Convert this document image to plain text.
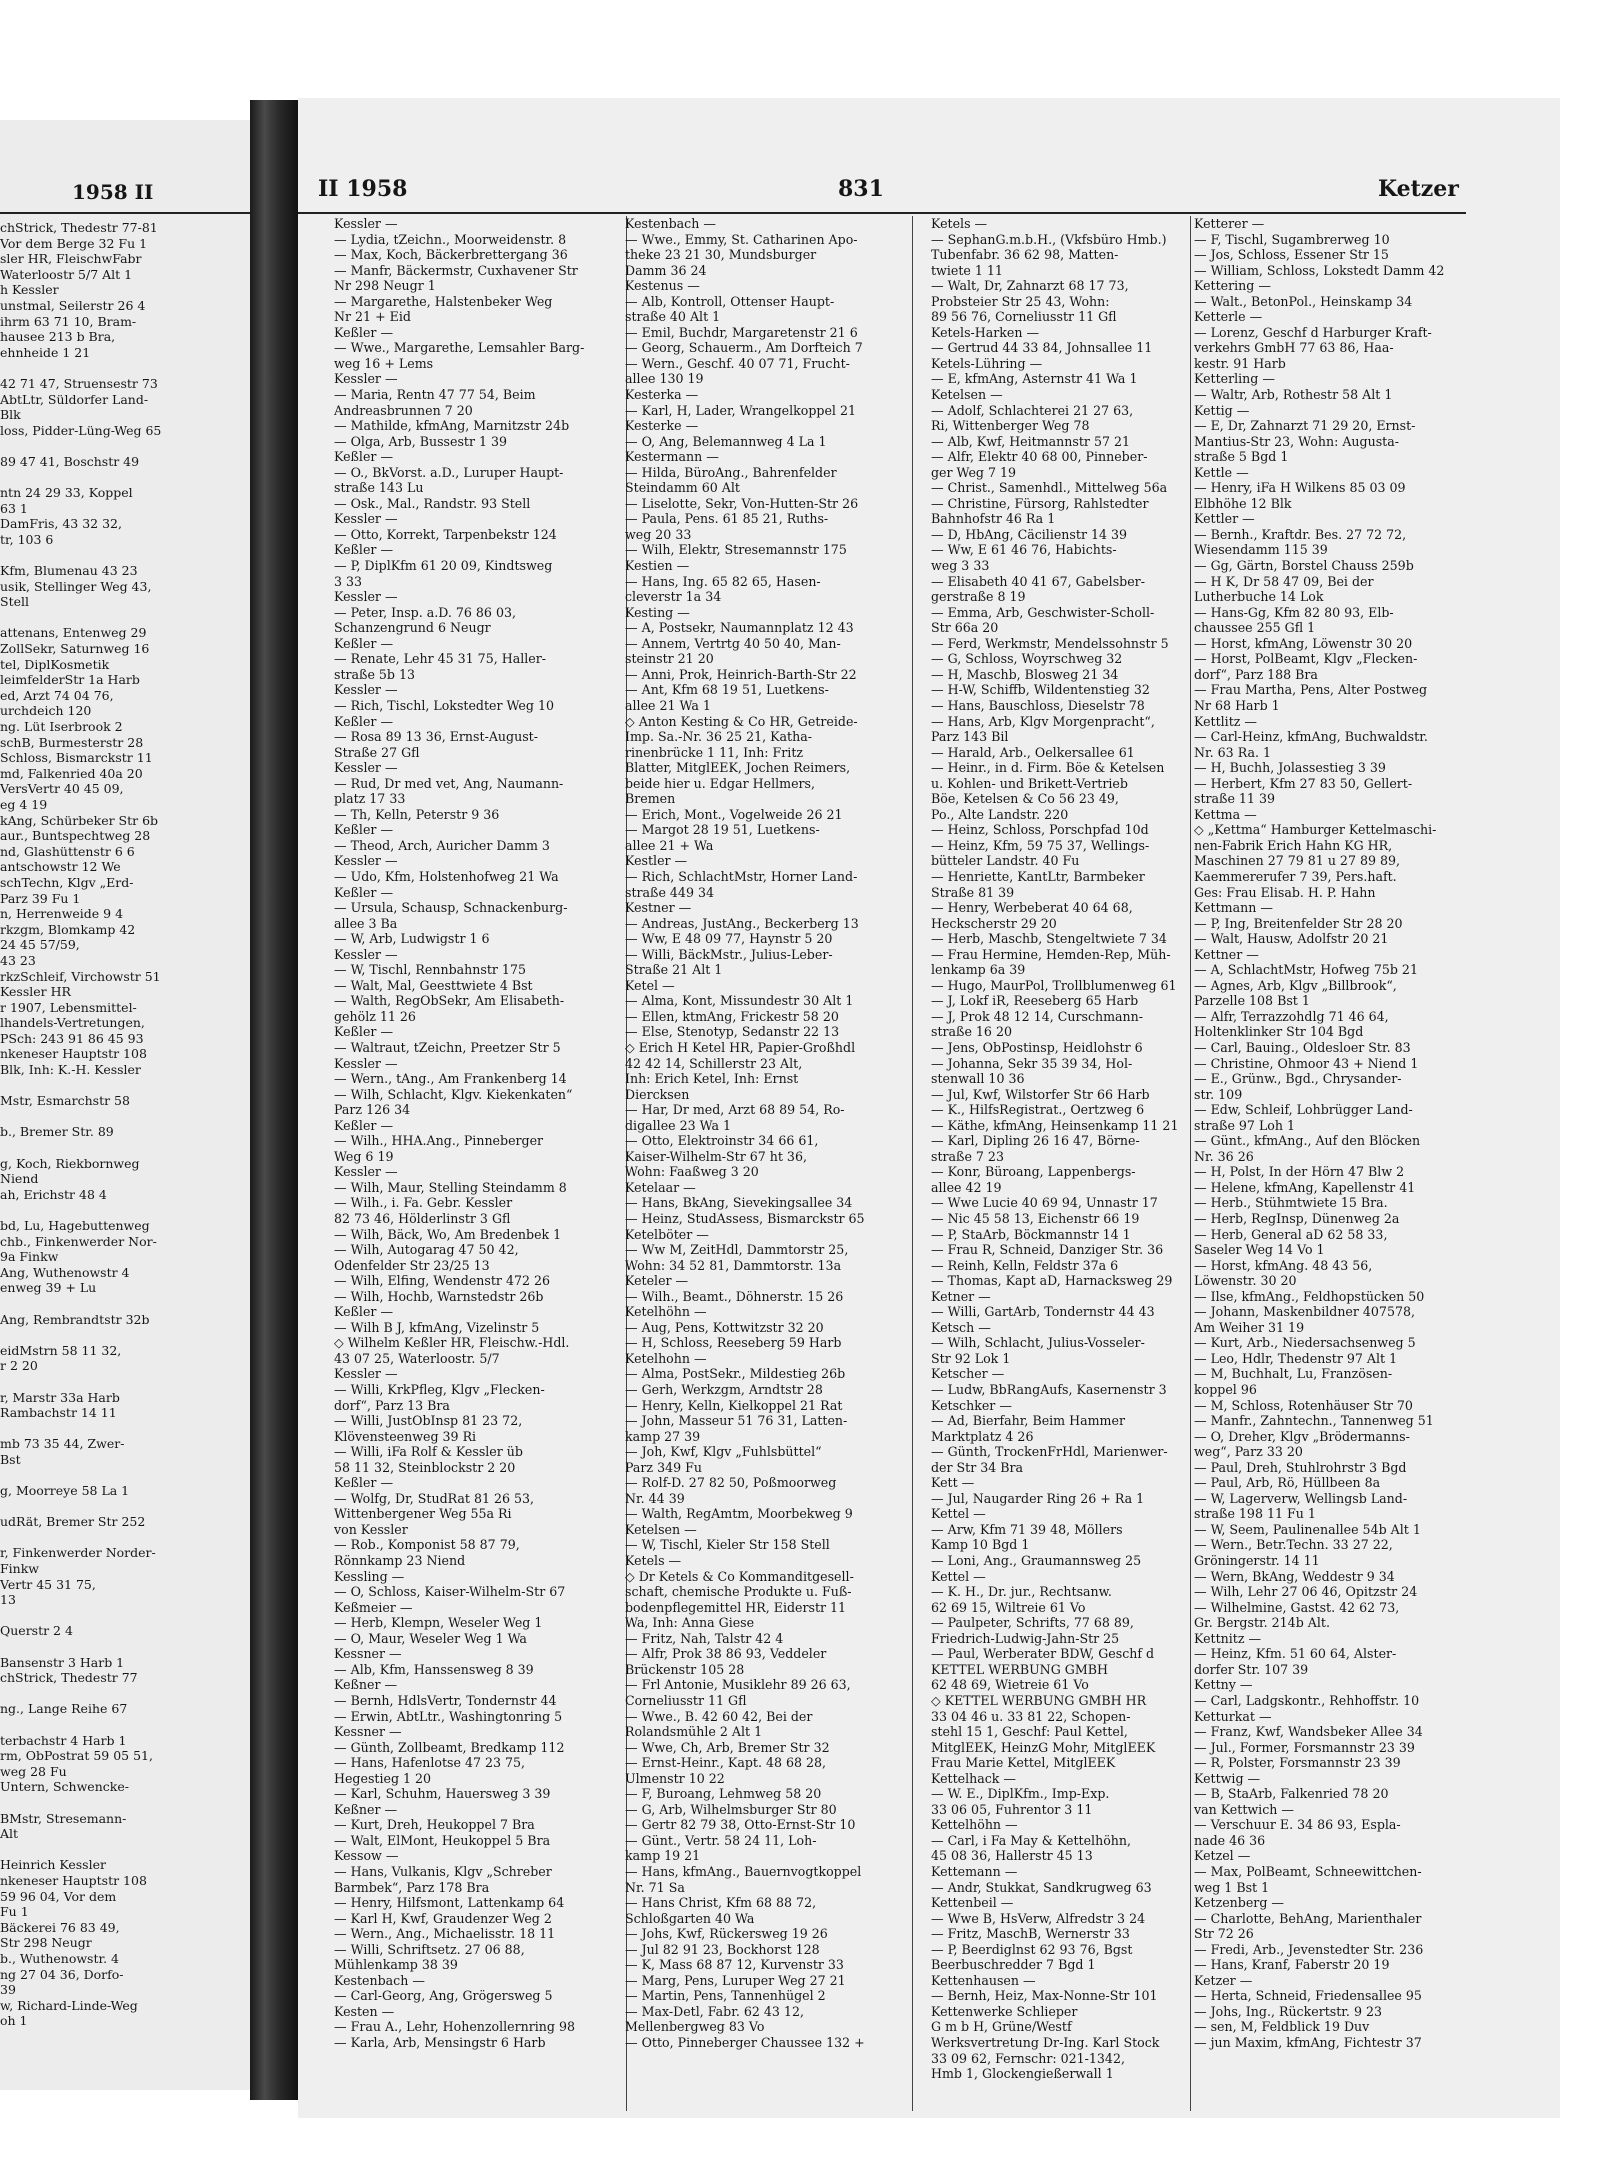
1958 II
chStrick, Thedestr 77-81
Vor dem Berge 32 Fu 1
sler HR, FleischwFabr
Waterloostr 5/7 Alt 1
h Kessler
unstmal, Seilerstr 26 4
ihrm 63 71 10, Bram-
hausee 213 b Bra,
ehnheide 1 21

42 71 47, Struensestr 73
AbtLtr, Süldorfer Land-
Blk
loss, Pidder-Lüng-Weg 65

89 47 41, Boschstr 49

ntn 24 29 33, Koppel
63 1
DamFris, 43 32 32,
tr, 103 6

Kfm, Blumenau 43 23
usik, Stellinger Weg 43,
Stell

attenans, Entenweg 29
ZollSekr, Saturnweg 16
tel, DiplKosmetik
leimfelderStr 1a Harb
ed, Arzt 74 04 76,
urchdeich 120
ng. Lüt Iserbrook 2
schB, Burmesterstr 28
Schloss, Bismarckstr 11
md, Falkenried 40a 20
VersVertr 40 45 09,
eg 4 19
kAng, Schürbeker Str 6b
aur., Buntspechtweg 28
nd, Glashüttenstr 6 6
antschowstr 12 We
schTechn, Klgv „Erd-
Parz 39 Fu 1
n, Herrenweide 9 4
rkzgm, Blomkamp 42
24 45 57/59,
43 23
rkzSchleif, Virchowstr 51
Kessler HR
r 1907, Lebensmittel-
lhandels-Vertretungen,
PSch: 243 91 86 45 93
nkeneser Hauptstr 108
Blk, Inh: K.-H. Kessler

Mstr, Esmarchstr 58

b., Bremer Str. 89

g, Koch, Riekbornweg
Niend
ah, Erichstr 48 4

bd, Lu, Hagebuttenweg
chb., Finkenwerder Nor-
9a Finkw
Ang, Wuthenowstr 4
enweg 39 + Lu

Ang, Rembrandtstr 32b

eidMstrn 58 11 32,
r 2 20

r, Marstr 33a Harb
Rambachstr 14 11

mb 73 35 44, Zwer-
Bst

g, Moorreye 58 La 1

udRät, Bremer Str 252

r, Finkenwerder Norder-
Finkw
Vertr 45 31 75,
13

Querstr 2 4

Bansenstr 3 Harb 1
chStrick, Thedestr 77

ng., Lange Reihe 67

terbachstr 4 Harb 1
rm, ObPostrat 59 05 51,
weg 28 Fu
Untern, Schwencke-

BMstr, Stresemann-
Alt

Heinrich Kessler
nkeneser Hauptstr 108
59 96 04, Vor dem
Fu 1
Bäckerei 76 83 49,
Str 298 Neugr
b., Wuthenowstr. 4
ng 27 04 36, Dorfo-
39
w, Richard-Linde-Weg
oh 1
II 1958	831	Ketzer
Kessler —
— Lydia, tZeichn., Moorweidenstr. 8
— Max, Koch, Bäckerbrettergang 36
— Manfr, Bäckermstr, Cuxhavener Str
Nr 298 Neugr 1
— Margarethe, Halstenbeker Weg
Nr 21 + Eid
Keßler —
— Wwe., Margarethe, Lemsahler Barg-
weg 16 + Lems
Kessler —
— Maria, Rentn 47 77 54, Beim
Andreasbrunnen 7 20
— Mathilde, kfmAng, Marnitzstr 24b
— Olga, Arb, Bussestr 1 39
Keßler —
— O., BkVorst. a.D., Luruper Haupt-
straße 143 Lu
— Osk., Mal., Randstr. 93 Stell
Kessler —
— Otto, Korrekt, Tarpenbekstr 124
Keßler —
— P, DiplKfm 61 20 09, Kindtsweg
3 33
Kessler —
— Peter, Insp. a.D. 76 86 03,
Schanzengrund 6 Neugr
Keßler —
— Renate, Lehr 45 31 75, Haller-
straße 5b 13
Kessler —
— Rich, Tischl, Lokstedter Weg 10
Keßler —
— Rosa 89 13 36, Ernst-August-
Straße 27 Gfl
Kessler —
— Rud, Dr med vet, Ang, Naumann-
platz 17 33
— Th, Kelln, Peterstr 9 36
Keßler —
— Theod, Arch, Auricher Damm 3
Kessler —
— Udo, Kfm, Holstenhofweg 21 Wa
Keßler —
— Ursula, Schausp, Schnackenburg-
allee 3 Ba
— W, Arb, Ludwigstr 1 6
Kessler —
— W, Tischl, Rennbahnstr 175
— Walt, Mal, Geesttwiete 4 Bst
— Walth, RegObSekr, Am Elisabeth-
gehölz 11 26
Keßler —
— Waltraut, tZeichn, Preetzer Str 5
Kessler —
— Wern., tAng., Am Frankenberg 14
— Wilh, Schlacht, Klgv. Kiekenkaten“
Parz 126 34
Keßler —
— Wilh., HHA.Ang., Pinneberger
Weg 6 19
Kessler —
— Wilh, Maur, Stelling Steindamm 8
— Wilh., i. Fa. Gebr. Kessler
82 73 46, Hölderlinstr 3 Gfl
— Wilh, Bäck, Wo, Am Bredenbek 1
— Wilh, Autogarag 47 50 42,
Odenfelder Str 23/25 13
— Wilh, Elfing, Wendenstr 472 26
— Wilh, Hochb, Warnstedstr 26b
Keßler —
— Wilh B J, kfmAng, Vizelinstr 5
◇ Wilhelm Keßler HR, Fleischw.-Hdl.
43 07 25, Waterloostr. 5/7
Kessler —
— Willi, KrkPfleg, Klgv „Flecken-
dorf“, Parz 13 Bra
— Willi, JustObInsp 81 23 72,
Klövensteenweg 39 Ri
— Willi, iFa Rolf & Kessler üb
58 11 32, Steinblockstr 2 20
Keßler —
— Wolfg, Dr, StudRat 81 26 53,
Wittenbergener Weg 55a Ri
von Kessler
— Rob., Komponist 58 87 79,
Rönnkamp 23 Niend
Kessling —
— O, Schloss, Kaiser-Wilhelm-Str 67
Keßmeier —
— Herb, Klempn, Weseler Weg 1
— O, Maur, Weseler Weg 1 Wa
Kessner —
— Alb, Kfm, Hanssensweg 8 39
Keßner —
— Bernh, HdlsVertr, Tondernstr 44
— Erwin, AbtLtr., Washingtonring 5
Kessner —
— Günth, Zollbeamt, Bredkamp 112
— Hans, Hafenlotse 47 23 75,
Hegestieg 1 20
— Karl, Schuhm, Hauersweg 3 39
Keßner —
— Kurt, Dreh, Heukoppel 7 Bra
— Walt, ElMont, Heukoppel 5 Bra
Kessow —
— Hans, Vulkanis, Klgv „Schreber
Barmbek“, Parz 178 Bra
— Henry, Hilfsmont, Lattenkamp 64
— Karl H, Kwf, Graudenzer Weg 2
— Wern., Ang., Michaelisstr. 18 11
— Willi, Schriftsetz. 27 06 88,
Mühlenkamp 38 39
Kestenbach —
— Carl-Georg, Ang, Grögersweg 5
Kesten —
— Frau A., Lehr, Hohenzollernring 98
— Karla, Arb, Mensingstr 6 Harb
Kestenbach —
— Wwe., Emmy, St. Catharinen Apo-
theke 23 21 30, Mundsburger
Damm 36 24
Kestenus —
— Alb, Kontroll, Ottenser Haupt-
straße 40 Alt 1
— Emil, Buchdr, Margaretenstr 21 6
— Georg, Schauerm., Am Dorfteich 7
— Wern., Geschf. 40 07 71, Frucht-
allee 130 19
Kesterka —
— Karl, H, Lader, Wrangelkoppel 21
Kesterke —
— O, Ang, Belemannweg 4 La 1
Kestermann —
— Hilda, BüroAng., Bahrenfelder
Steindamm 60 Alt
— Liselotte, Sekr, Von-Hutten-Str 26
— Paula, Pens. 61 85 21, Ruths-
weg 20 33
— Wilh, Elektr, Stresemannstr 175
Kestien —
— Hans, Ing. 65 82 65, Hasen-
cleverstr 1a 34
Kesting —
— A, Postsekr, Naumannplatz 12 43
— Annem, Vertrtg 40 50 40, Man-
steinstr 21 20
— Anni, Prok, Heinrich-Barth-Str 22
— Ant, Kfm 68 19 51, Luetkens-
allee 21 Wa 1
◇ Anton Kesting & Co HR, Getreide-
Imp. Sa.-Nr. 36 25 21, Katha-
rinenbrücke 1 11, Inh: Fritz
Blatter, MitglEEK, Jochen Reimers,
beide hier u. Edgar Hellmers,
Bremen
— Erich, Mont., Vogelweide 26 21
— Margot 28 19 51, Luetkens-
allee 21 + Wa
Kestler —
— Rich, SchlachtMstr, Horner Land-
straße 449 34
Kestner —
— Andreas, JustAng., Beckerberg 13
— Ww, E 48 09 77, Haynstr 5 20
— Willi, BäckMstr., Julius-Leber-
Straße 21 Alt 1
Ketel —
— Alma, Kont, Missundestr 30 Alt 1
— Ellen, ktmAng, Frickestr 58 20
— Else, Stenotyp, Sedanstr 22 13
◇ Erich H Ketel HR, Papier-Großhdl
42 42 14, Schillerstr 23 Alt,
Inh: Erich Ketel, Inh: Ernst
Diercksen
— Har, Dr med, Arzt 68 89 54, Ro-
digallee 23 Wa 1
— Otto, Elektroinstr 34 66 61,
Kaiser-Wilhelm-Str 67 ht 36,
Wohn: Faaßweg 3 20
Ketelaar —
— Hans, BkAng, Sievekingsallee 34
— Heinz, StudAssess, Bismarckstr 65
Ketelböter —
— Ww M, ZeitHdl, Dammtorstr 25,
Wohn: 34 52 81, Dammtorstr. 13a
Keteler —
— Wilh., Beamt., Döhnerstr. 15 26
Ketelhöhn —
— Aug, Pens, Kottwitzstr 32 20
— H, Schloss, Reeseberg 59 Harb
Ketelhohn —
— Alma, PostSekr., Mildestieg 26b
— Gerh, Werkzgm, Arndtstr 28
— Henry, Kelln, Kielkoppel 21 Rat
— John, Masseur 51 76 31, Latten-
kamp 27 39
— Joh, Kwf, Klgv „Fuhlsbüttel“
Parz 349 Fu
— Rolf-D. 27 82 50, Poßmoorweg
Nr. 44 39
— Walth, RegAmtm, Moorbekweg 9
Ketelsen —
— W, Tischl, Kieler Str 158 Stell
Ketels —
◇ Dr Ketels & Co Kommanditgesell-
schaft, chemische Produkte u. Fuß-
bodenpflegemittel HR, Eiderstr 11
Wa, Inh: Anna Giese
— Fritz, Nah, Talstr 42 4
— Alfr, Prok 38 86 93, Veddeler
Brückenstr 105 28
— Frl Antonie, Musiklehr 89 26 63,
Corneliusstr 11 Gfl
— Wwe., B. 42 60 42, Bei der
Rolandsmühle 2 Alt 1
— Wwe, Ch, Arb, Bremer Str 32
— Ernst-Heinr., Kapt. 48 68 28,
Ulmenstr 10 22
— F, Buroang, Lehmweg 58 20
— G, Arb, Wilhelmsburger Str 80
— Gertr 82 79 38, Otto-Ernst-Str 10
— Günt., Vertr. 58 24 11, Loh-
kamp 19 21
— Hans, kfmAng., Bauernvogtkoppel
Nr. 71 Sa
— Hans Christ, Kfm 68 88 72,
Schloßgarten 40 Wa
— Johs, Kwf, Rückersweg 19 26
— Jul 82 91 23, Bockhorst 128
— K, Mass 68 87 12, Kurvenstr 33
— Marg, Pens, Luruper Weg 27 21
— Martin, Pens, Tannenhügel 2
— Max-Detl, Fabr. 62 43 12,
Mellenbergweg 83 Vo
— Otto, Pinneberger Chaussee 132 +
Ketels —
— SephanG.m.b.H., (Vkfsbüro Hmb.)
Tubenfabr. 36 62 98, Matten-
twiete 1 11
— Walt, Dr, Zahnarzt 68 17 73,
Probsteier Str 25 43, Wohn:
89 56 76, Corneliusstr 11 Gfl
Ketels-Harken —
— Gertrud 44 33 84, Johnsallee 11
Ketels-Lühring —
— E, kfmAng, Asternstr 41 Wa 1
Ketelsen —
— Adolf, Schlachterei 21 27 63,
Ri, Wittenberger Weg 78
— Alb, Kwf, Heitmannstr 57 21
— Alfr, Elektr 40 68 00, Pinneber-
ger Weg 7 19
— Christ., Samenhdl., Mittelweg 56a
— Christine, Fürsorg, Rahlstedter
Bahnhofstr 46 Ra 1
— D, HbAng, Cäcilienstr 14 39
— Ww, E 61 46 76, Habichts-
weg 3 33
— Elisabeth 40 41 67, Gabelsber-
gerstraße 8 19
— Emma, Arb, Geschwister-Scholl-
Str 66a 20
— Ferd, Werkmstr, Mendelssohnstr 5
— G, Schloss, Woyrschweg 32
— H, Maschb, Blosweg 21 34
— H-W, Schiffb, Wildentenstieg 32
— Hans, Bauschloss, Dieselstr 78
— Hans, Arb, Klgv Morgenpracht“,
Parz 143 Bil
— Harald, Arb., Oelkersallee 61
— Heinr., in d. Firm. Böe & Ketelsen
u. Kohlen- und Brikett-Vertrieb
Böe, Ketelsen & Co 56 23 49,
Po., Alte Landstr. 220
— Heinz, Schloss, Porschpfad 10d
— Heinz, Kfm, 59 75 37, Wellings-
bütteler Landstr. 40 Fu
— Henriette, KantLtr, Barmbeker
Straße 81 39
— Henry, Werbeberat 40 64 68,
Heckscherstr 29 20
— Herb, Maschb, Stengeltwiete 7 34
— Frau Hermine, Hemden-Rep, Müh-
lenkamp 6a 39
— Hugo, MaurPol, Trollblumenweg 61
— J, Lokf iR, Reeseberg 65 Harb
— J, Prok 48 12 14, Curschmann-
straße 16 20
— Jens, ObPostinsp, Heidlohstr 6
— Johanna, Sekr 35 39 34, Hol-
stenwall 10 36
— Jul, Kwf, Wilstorfer Str 66 Harb
— K., HilfsRegistrat., Oertzweg 6
— Käthe, kfmAng, Heinsenkamp 11 21
— Karl, Dipling 26 16 47, Börne-
straße 7 23
— Konr, Büroang, Lappenbergs-
allee 42 19
— Wwe Lucie 40 69 94, Unnastr 17
— Nic 45 58 13, Eichenstr 66 19
— P, StaArb, Böckmannstr 14 1
— Frau R, Schneid, Danziger Str. 36
— Reinh, Kelln, Feldstr 37a 6
— Thomas, Kapt aD, Harnacksweg 29
Ketner —
— Willi, GartArb, Tondernstr 44 43
Ketsch —
— Wilh, Schlacht, Julius-Vosseler-
Str 92 Lok 1
Ketscher —
— Ludw, BbRangAufs, Kasernenstr 3
Ketschker —
— Ad, Bierfahr, Beim Hammer
Marktplatz 4 26
— Günth, TrockenFrHdl, Marienwer-
der Str 34 Bra
Kett —
— Jul, Naugarder Ring 26 + Ra 1
Kettel —
— Arw, Kfm 71 39 48, Möllers
Kamp 10 Bgd 1
— Loni, Ang., Graumannsweg 25
Kettel —
— K. H., Dr. jur., Rechtsanw.
62 69 15, Wiltreie 61 Vo
— Paulpeter, Schrifts, 77 68 89,
Friedrich-Ludwig-Jahn-Str 25
— Paul, Werberater BDW, Geschf d
KETTEL WERBUNG GMBH
62 48 69, Wietreie 61 Vo
◇ KETTEL WERBUNG GMBH HR
33 04 46 u. 33 81 22, Schopen-
stehl 15 1, Geschf: Paul Kettel,
MitglEEK, HeinzG Mohr, MitglEEK
Frau Marie Kettel, MitglEEK
Kettelhack —
— W. E., DiplKfm., Imp-Exp.
33 06 05, Fuhrentor 3 11
Kettelhöhn —
— Carl, i Fa May & Kettelhöhn,
45 08 36, Hallerstr 45 13
Kettemann —
— Andr, Stukkat, Sandkrugweg 63
Kettenbeil —
— Wwe B, HsVerw, Alfredstr 3 24
— Fritz, MaschB, Wernerstr 33
— P, Beerdiglnst 62 93 76, Bgst
Beerbuschredder 7 Bgd 1
Kettenhausen —
— Bernh, Heiz, Max-Nonne-Str 101
Kettenwerke Schlieper
G m b H, Grüne/Westf
Werksvertretung Dr-Ing. Karl Stock
33 09 62, Fernschr: 021-1342,
Hmb 1, Glockengießerwall 1
Ketterer —
— F, Tischl, Sugambrerweg 10
— Jos, Schloss, Essener Str 15
— William, Schloss, Lokstedt Damm 42
Kettering —
— Walt., BetonPol., Heinskamp 34
Ketterle —
— Lorenz, Geschf d Harburger Kraft-
verkehrs GmbH 77 63 86, Haa-
kestr. 91 Harb
Ketterling —
— Waltr, Arb, Rothestr 58 Alt 1
Kettig —
— E, Dr, Zahnarzt 71 29 20, Ernst-
Mantius-Str 23, Wohn: Augusta-
straße 5 Bgd 1
Kettle —
— Henry, iFa H Wilkens 85 03 09
Elbhöhe 12 Blk
Kettler —
— Bernh., Kraftdr. Bes. 27 72 72,
Wiesendamm 115 39
— Gg, Gärtn, Borstel Chauss 259b
— H K, Dr 58 47 09, Bei der
Lutherbuche 14 Lok
— Hans-Gg, Kfm 82 80 93, Elb-
chaussee 255 Gfl 1
— Horst, kfmAng, Löwenstr 30 20
— Horst, PolBeamt, Klgv „Flecken-
dorf“, Parz 188 Bra
— Frau Martha, Pens, Alter Postweg
Nr 68 Harb 1
Kettlitz —
— Carl-Heinz, kfmAng, Buchwaldstr.
Nr. 63 Ra. 1
— H, Buchh, Jolassestieg 3 39
— Herbert, Kfm 27 83 50, Gellert-
straße 11 39
Kettma —
◇ „Kettma“ Hamburger Kettelmaschi-
nen-Fabrik Erich Hahn KG HR,
Maschinen 27 79 81 u 27 89 89,
Kaemmererufer 7 39, Pers.haft.
Ges: Frau Elisab. H. P. Hahn
Kettmann —
— P, Ing, Breitenfelder Str 28 20
— Walt, Hausw, Adolfstr 20 21
Kettner —
— A, SchlachtMstr, Hofweg 75b 21
— Agnes, Arb, Klgv „Billbrook“,
Parzelle 108 Bst 1
— Alfr, Terrazzohdlg 71 46 64,
Holtenklinker Str 104 Bgd
— Carl, Bauing., Oldesloer Str. 83
— Christine, Ohmoor 43 + Niend 1
— E., Grünw., Bgd., Chrysander-
str. 109
— Edw, Schleif, Lohbrügger Land-
straße 97 Loh 1
— Günt., kfmAng., Auf den Blöcken
Nr. 36 26
— H, Polst, In der Hörn 47 Blw 2
— Helene, kfmAng, Kapellenstr 41
— Herb., Stühmtwiete 15 Bra.
— Herb, RegInsp, Dünenweg 2a
— Herb, General aD 62 58 33,
Saseler Weg 14 Vo 1
— Horst, kfmAng. 48 43 56,
Löwenstr. 30 20
— Ilse, kfmAng., Feldhopstücken 50
— Johann, Maskenbildner 407578,
Am Weiher 31 19
— Kurt, Arb., Niedersachsenweg 5
— Leo, Hdlr, Thedenstr 97 Alt 1
— M, Buchhalt, Lu, Französen-
koppel 96
— M, Schloss, Rotenhäuser Str 70
— Manfr., Zahntechn., Tannenweg 51
— O, Dreher, Klgv „Brödermanns-
weg“, Parz 33 20
— Paul, Dreh, Stuhlrohrstr 3 Bgd
— Paul, Arb, Rö, Hüllbeen 8a
— W, Lagerverw, Wellingsb Land-
straße 198 11 Fu 1
— W, Seem, Paulinenallee 54b Alt 1
— Wern., Betr.Techn. 33 27 22,
Gröningerstr. 14 11
— Wern, BkAng, Weddestr 9 34
— Wilh, Lehr 27 06 46, Opitzstr 24
— Wilhelmine, Gastst. 42 62 73,
Gr. Bergstr. 214b Alt.
Kettnitz —
— Heinz, Kfm. 51 60 64, Alster-
dorfer Str. 107 39
Kettny —
— Carl, Ladgskontr., Rehhoffstr. 10
Ketturkat —
— Franz, Kwf, Wandsbeker Allee 34
— Jul., Former, Forsmannstr 23 39
— R, Polster, Forsmannstr 23 39
Kettwig —
— B, StaArb, Falkenried 78 20
van Kettwich —
— Verschuur E. 34 86 93, Espla-
nade 46 36
Ketzel —
— Max, PolBeamt, Schneewittchen-
weg 1 Bst 1
Ketzenberg —
— Charlotte, BehAng, Marienthaler
Str 72 26
— Fredi, Arb., Jevenstedter Str. 236
— Hans, Kranf, Faberstr 20 19
Ketzer —
— Herta, Schneid, Friedensallee 95
— Johs, Ing., Rückertstr. 9 23
— sen, M, Feldblick 19 Duv
— jun Maxim, kfmAng, Fichtestr 37
